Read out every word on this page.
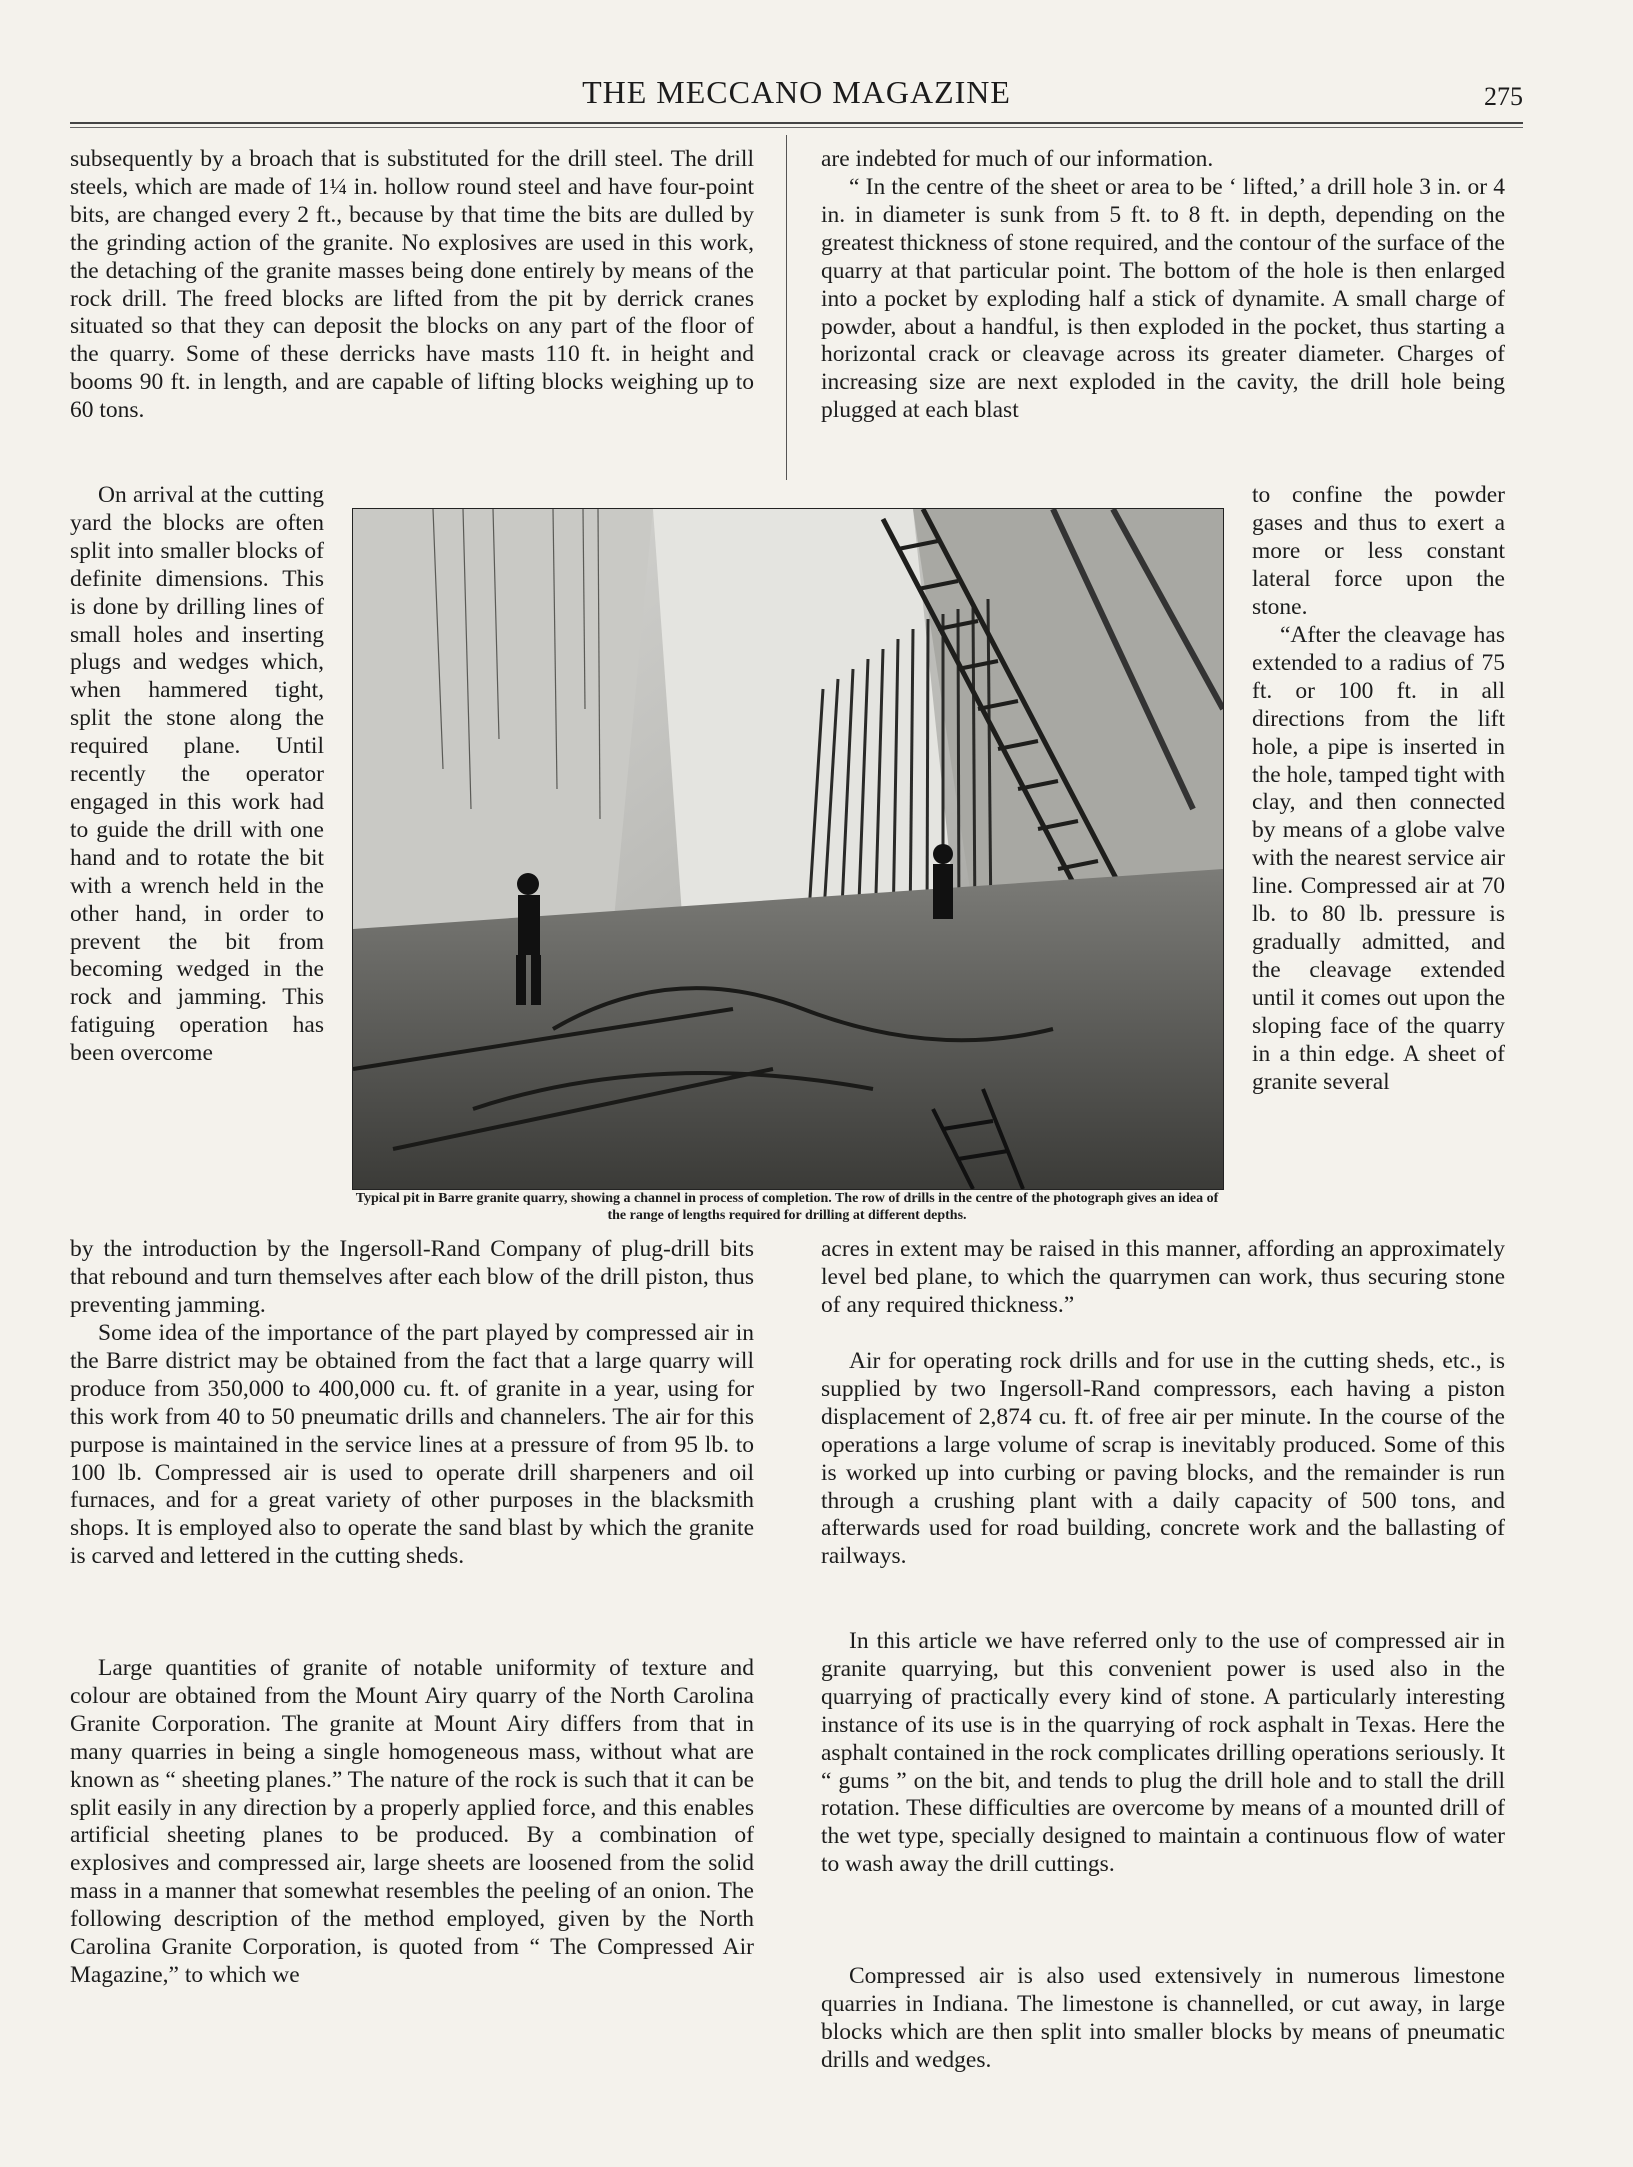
THE MECCANO MAGAZINE	275

subsequently by a broach that is substituted for the drill steel. The drill steels, which are made of 1¼ in. hollow round steel and have four-point bits, are changed every 2 ft., because by that time the bits are dulled by the grinding action of the granite. No explosives are used in this work, the detaching of the granite masses being done entirely by means of the rock drill. The freed blocks are lifted from the pit by derrick cranes situated so that they can deposit the blocks on any part of the floor of the quarry. Some of these derricks have masts 110 ft. in height and booms 90 ft. in length, and are capable of lifting blocks weighing up to 60 tons.

On arrival at the cutting yard the blocks are often split into smaller blocks of definite dimensions. This is done by drilling lines of small holes and inserting plugs and wedges which, when hammered tight, split the stone along the required plane. Until recently the operator engaged in this work had to guide the drill with one hand and to rotate the bit with a wrench held in the other hand, in order to prevent the bit from becoming wedged in the rock and jamming. This fatiguing operation has been overcome

by the introduction by the Ingersoll-Rand Company of plug-drill bits that rebound and turn themselves after each blow of the drill piston, thus preventing jamming.

Some idea of the importance of the part played by compressed air in the Barre district may be obtained from the fact that a large quarry will produce from 350,000 to 400,000 cu. ft. of granite in a year, using for this work from 40 to 50 pneumatic drills and channelers. The air for this purpose is maintained in the service lines at a pressure of from 95 lb. to 100 lb. Compressed air is used to operate drill sharpeners and oil furnaces, and for a great variety of other purposes in the blacksmith shops. It is employed also to operate the sand blast by which the granite is carved and lettered in the cutting sheds.

Large quantities of granite of notable uniformity of texture and colour are obtained from the Mount Airy quarry of the North Carolina Granite Corporation. The granite at Mount Airy differs from that in many quarries in being a single homogeneous mass, without what are known as “ sheeting planes.” The nature of the rock is such that it can be split easily in any direction by a properly applied force, and this enables artificial sheeting planes to be produced. By a combination of explosives and compressed air, large sheets are loosened from the solid mass in a manner that somewhat resembles the peeling of an onion. The following description of the method employed, given by the North Carolina Granite Corporation, is quoted from “ The Compressed Air Magazine,” to which we

are indebted for much of our information.

“ In the centre of the sheet or area to be ‘ lifted,’ a drill hole 3 in. or 4 in. in diameter is sunk from 5 ft. to 8 ft. in depth, depending on the greatest thickness of stone required, and the contour of the surface of the quarry at that particular point. The bottom of the hole is then enlarged into a pocket by exploding half a stick of dynamite. A small charge of powder, about a handful, is then exploded in the pocket, thus starting a horizontal crack or cleavage across its greater diameter. Charges of increasing size are next exploded in the cavity, the drill hole being plugged at each blast

to confine the powder gases and thus to exert a more or less constant lateral force upon the stone.

“After the cleavage has extended to a radius of 75 ft. or 100 ft. in all directions from the lift hole, a pipe is inserted in the hole, tamped tight with clay, and then connected by means of a globe valve with the nearest service air line. Compressed air at 70 lb. to 80 lb. pressure is gradually admitted, and the cleavage extended until it comes out upon the sloping face of the quarry in a thin edge. A sheet of granite several

acres in extent may be raised in this manner, affording an approximately level bed plane, to which the quarrymen can work, thus securing stone of any required thickness.”

Air for operating rock drills and for use in the cutting sheds, etc., is supplied by two Ingersoll-Rand compressors, each having a piston displacement of 2,874 cu. ft. of free air per minute. In the course of the operations a large volume of scrap is inevitably produced. Some of this is worked up into curbing or paving blocks, and the remainder is run through a crushing plant with a daily capacity of 500 tons, and afterwards used for road building, concrete work and the ballasting of railways.

In this article we have referred only to the use of compressed air in granite quarrying, but this convenient power is used also in the quarrying of practically every kind of stone. A particularly interesting instance of its use is in the quarrying of rock asphalt in Texas. Here the asphalt contained in the rock complicates drilling operations seriously. It “ gums ” on the bit, and tends to plug the drill hole and to stall the drill rotation. These difficulties are overcome by means of a mounted drill of the wet type, specially designed to maintain a continuous flow of water to wash away the drill cuttings.

Compressed air is also used extensively in numerous limestone quarries in Indiana. The limestone is channelled, or cut away, in large blocks which are then split into smaller blocks by means of pneumatic drills and wedges.

Typical pit in Barre granite quarry, showing a channel in process of completion. The row of drills in the centre of the photograph gives an idea of the range of lengths required for drilling at different depths.
